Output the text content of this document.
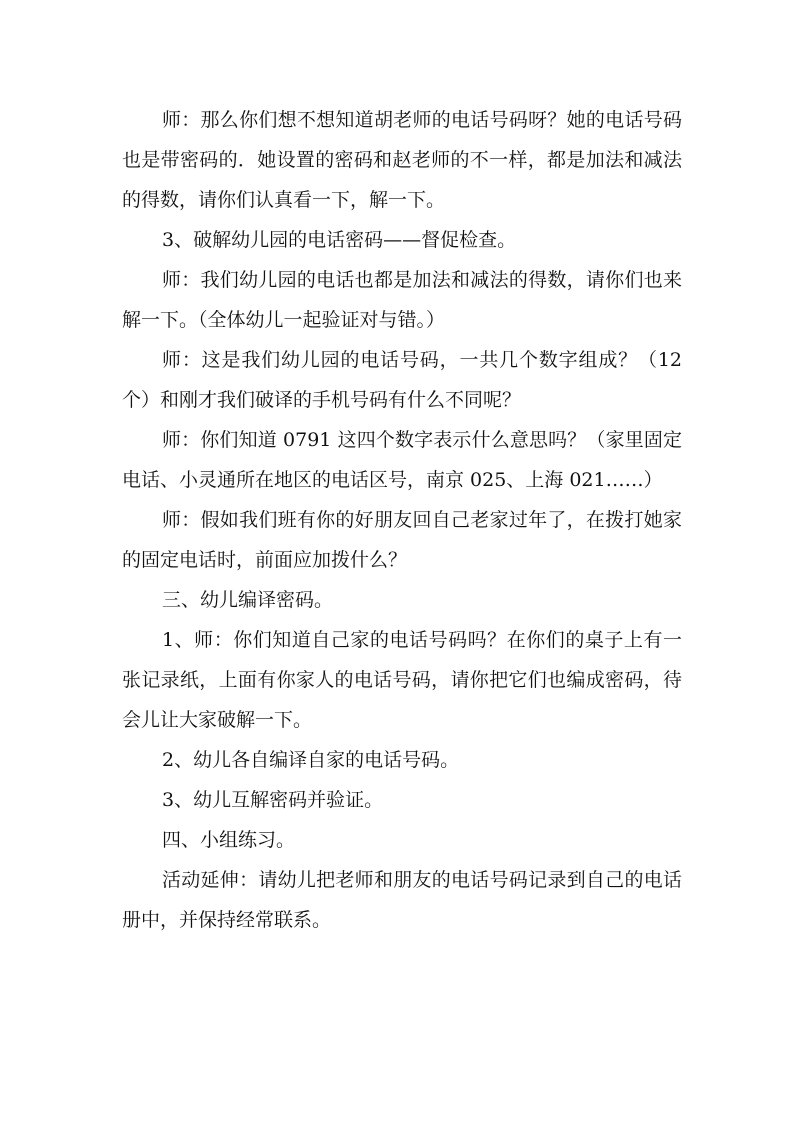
师：那么你们想不想知道胡老师的电话号码呀？她的电话号码也是带密码的．她设置的密码和赵老师的不一样，都是加法和减法的得数，请你们认真看一下，解一下。

3、破解幼儿园的电话密码——督促检查。

师：我们幼儿园的电话也都是加法和减法的得数，请你们也来解一下。（全体幼儿一起验证对与错。）

师：这是我们幼儿园的电话号码，一共几个数字组成？（12 个）和刚才我们破译的手机号码有什么不同呢？

师：你们知道 0791 这四个数字表示什么意思吗？（家里固定电话、小灵通所在地区的电话区号，南京 025、上海 021……）

师：假如我们班有你的好朋友回自己老家过年了，在拨打她家的固定电话时，前面应加拨什么？

三、幼儿编译密码。

1、师：你们知道自己家的电话号码吗？在你们的桌子上有一张记录纸，上面有你家人的电话号码，请你把它们也编成密码，待会儿让大家破解一下。

2、幼儿各自编译自家的电话号码。

3、幼儿互解密码并验证。

四、小组练习。

活动延伸：请幼儿把老师和朋友的电话号码记录到自己的电话册中，并保持经常联系。
